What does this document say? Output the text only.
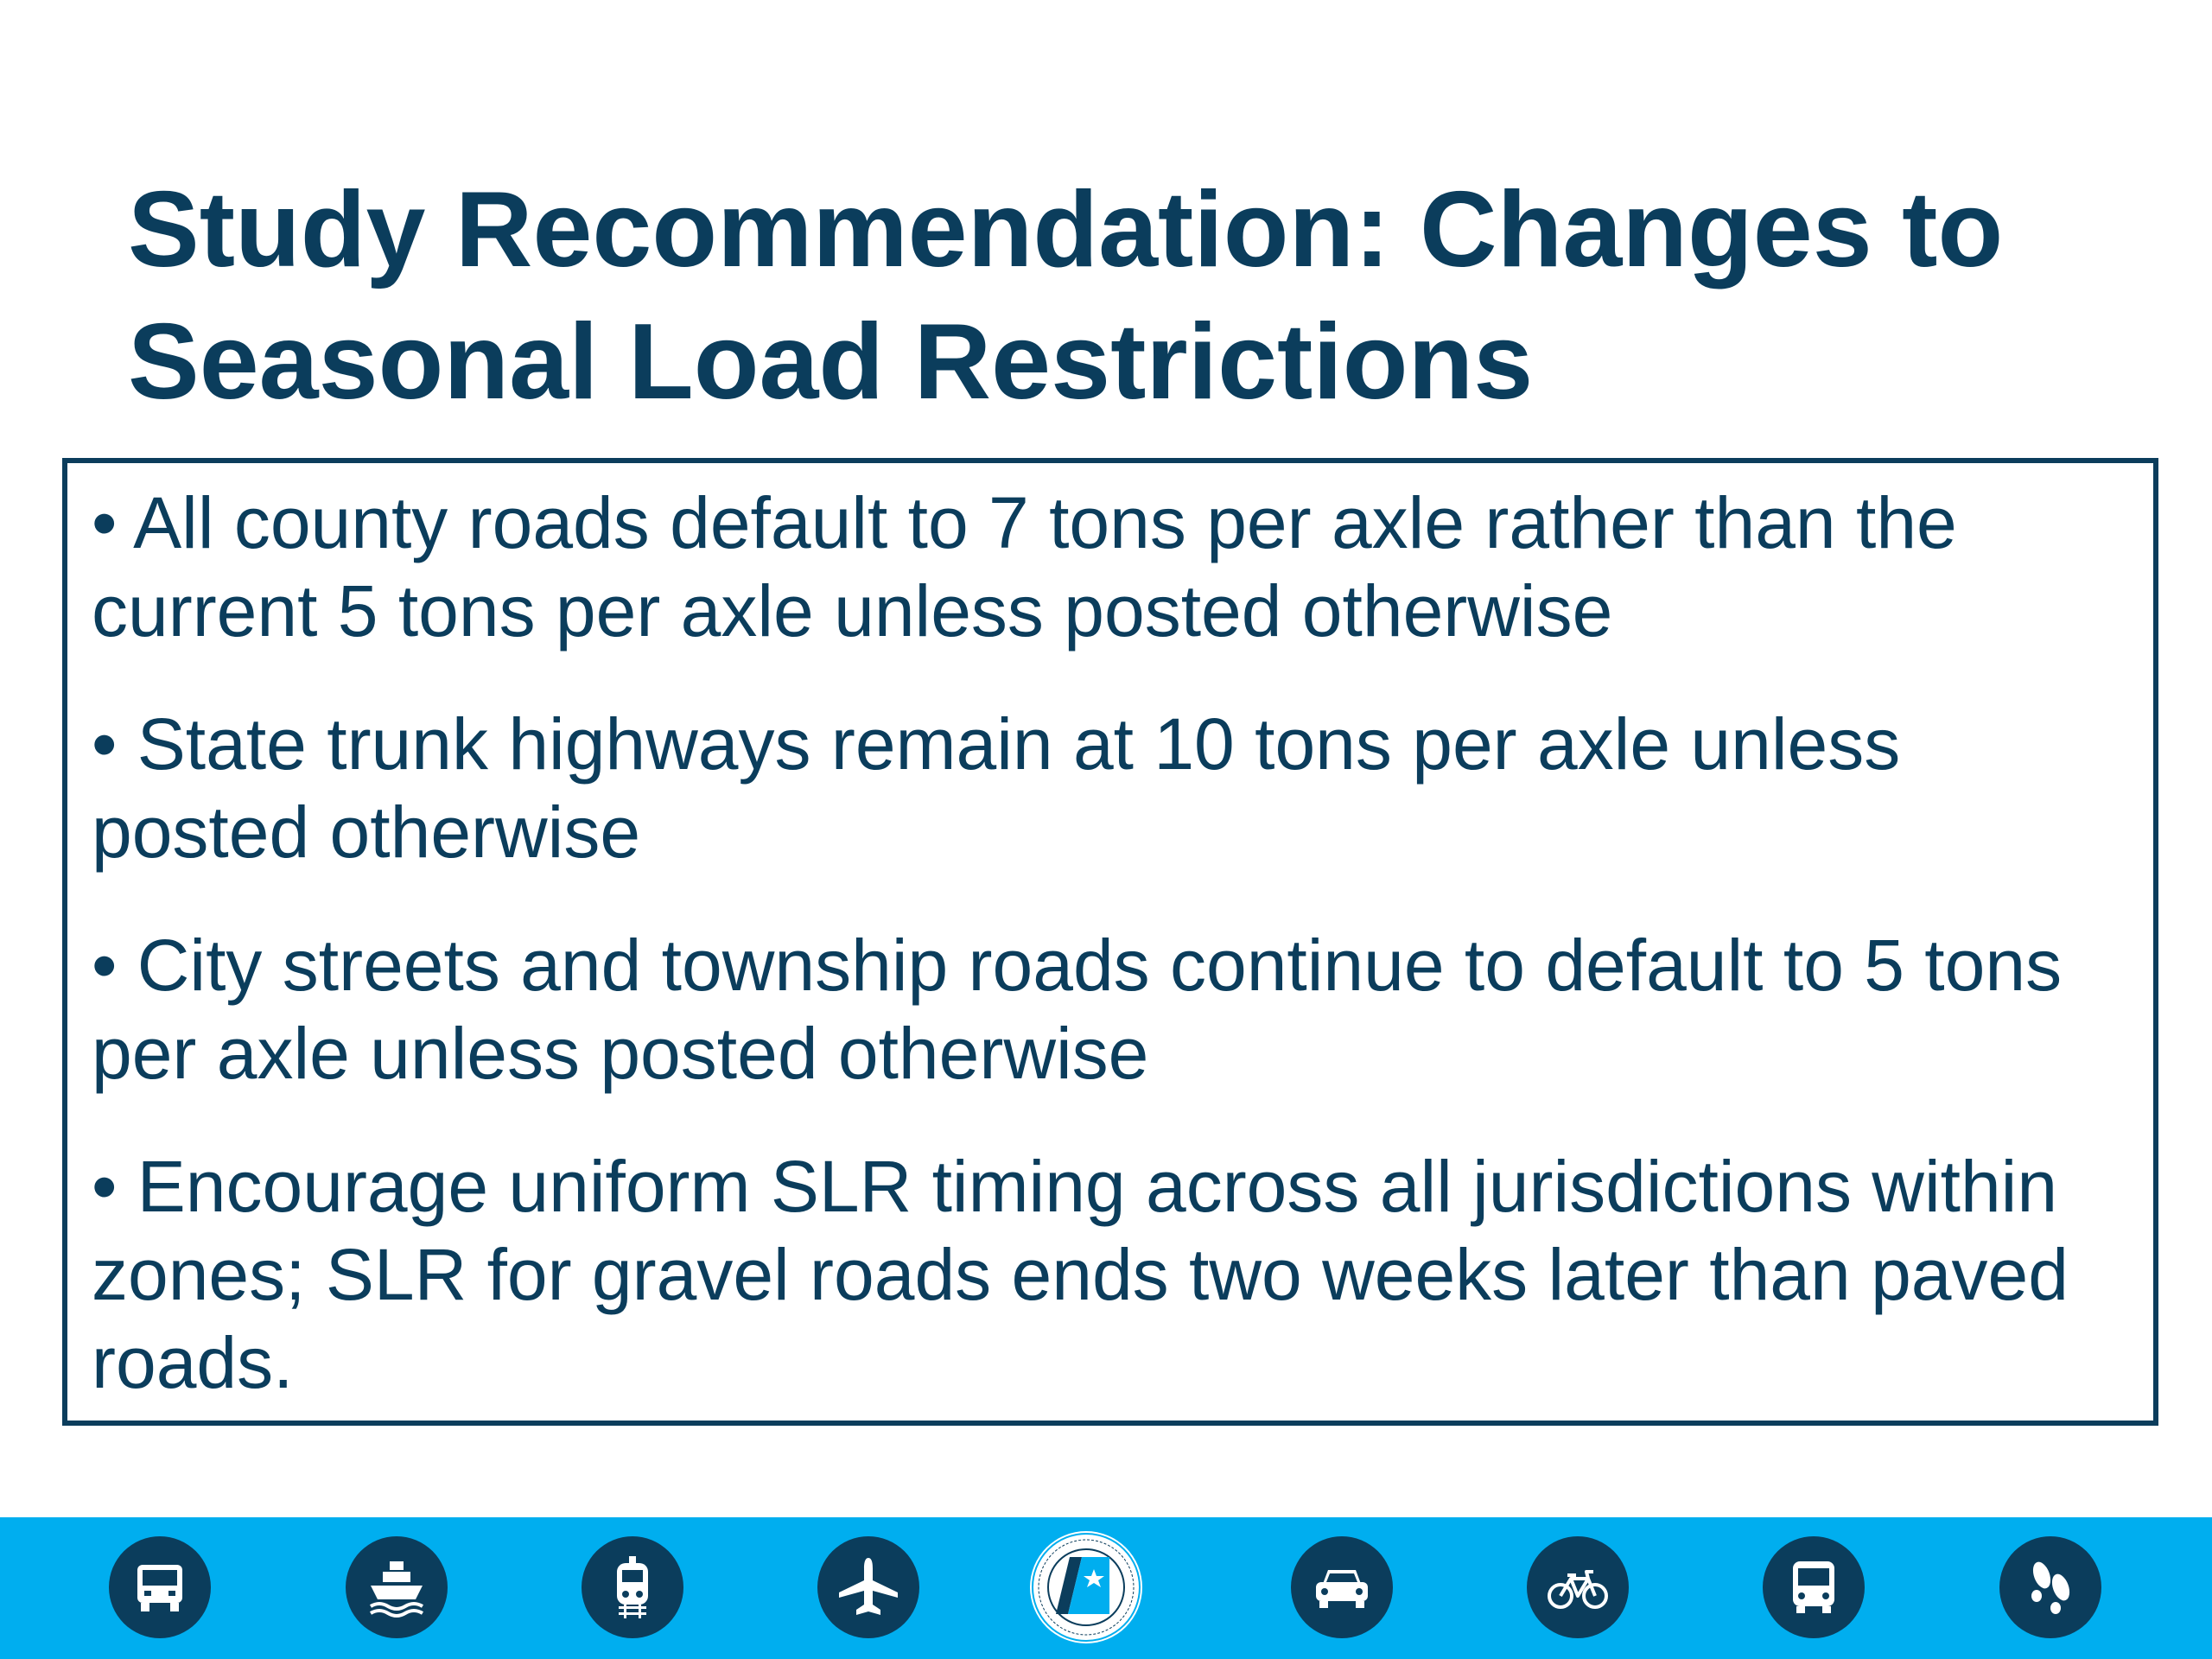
Study Recommendation: Changes to Seasonal Load Restrictions
• All county roads default to 7 tons per axle rather than the current 5 tons per axle unless posted otherwise
• State trunk highways remain at 10 tons per axle unless posted otherwise
• City streets and township roads continue to default to 5 tons per axle unless posted otherwise
• Encourage uniform SLR timing across all jurisdictions within zones; SLR for gravel roads ends two weeks later than paved roads.
